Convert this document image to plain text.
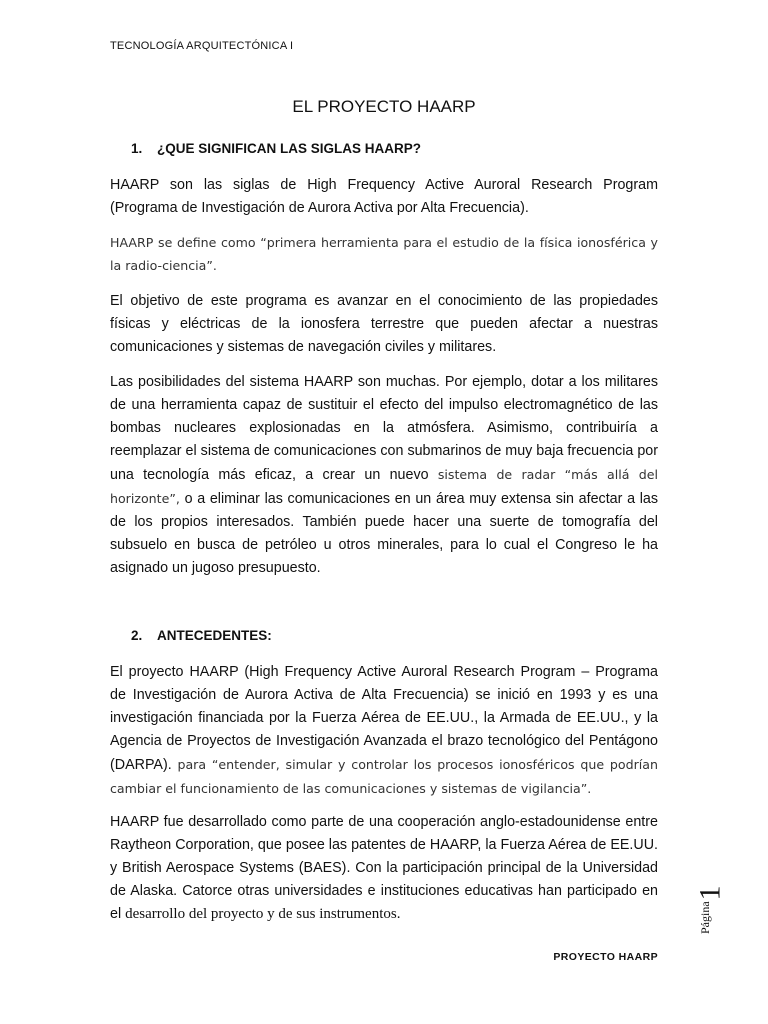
TECNOLOGÍA ARQUITECTÓNICA I
EL PROYECTO HAARP
1. ¿QUE SIGNIFICAN LAS SIGLAS HAARP?

HAARP son las siglas de High Frequency Active Auroral Research Program (Programa de Investigación de Aurora Activa por Alta Frecuencia).

HAARP se define como “primera herramienta para el estudio de la física ionosférica y la radio-ciencia”.

El objetivo de este programa es avanzar en el conocimiento de las propiedades físicas y eléctricas de la ionosfera terrestre que pueden afectar a nuestras comunicaciones y sistemas de navegación civiles y militares.

Las posibilidades del sistema HAARP son muchas. Por ejemplo, dotar a los militares de una herramienta capaz de sustituir el efecto del impulso electromagnético de las bombas nucleares explosionadas en la atmósfera. Asimismo, contribuiría a reemplazar el sistema de comunicaciones con submarinos de muy baja frecuencia por una tecnología más eficaz, a crear un nuevo sistema de radar “más allá del horizonte”, o a eliminar las comunicaciones en un área muy extensa sin afectar a las de los propios interesados. También puede hacer una suerte de tomografía del subsuelo en busca de petróleo u otros minerales, para lo cual el Congreso le ha asignado un jugoso presupuesto.

2. ANTECEDENTES:

El proyecto HAARP (High Frequency Active Auroral Research Program – Programa de Investigación de Aurora Activa de Alta Frecuencia) se inició en 1993 y es una investigación financiada por la Fuerza Aérea de EE.UU., la Armada de EE.UU., y la Agencia de Proyectos de Investigación Avanzada el brazo tecnológico del Pentágono (DARPA). para “entender, simular y controlar los procesos ionosféricos que podrían cambiar el funcionamiento de las comunicaciones y sistemas de vigilancia”.

HAARP fue desarrollado como parte de una cooperación anglo-estadounidense entre Raytheon Corporation, que posee las patentes de HAARP, la Fuerza Aérea de EE.UU. y British Aerospace Systems (BAES). Con la participación principal de la Universidad de Alaska. Catorce otras universidades e instituciones educativas han participado en el desarrollo del proyecto y de sus instrumentos.	Página
1
PROYECTO HAARP
